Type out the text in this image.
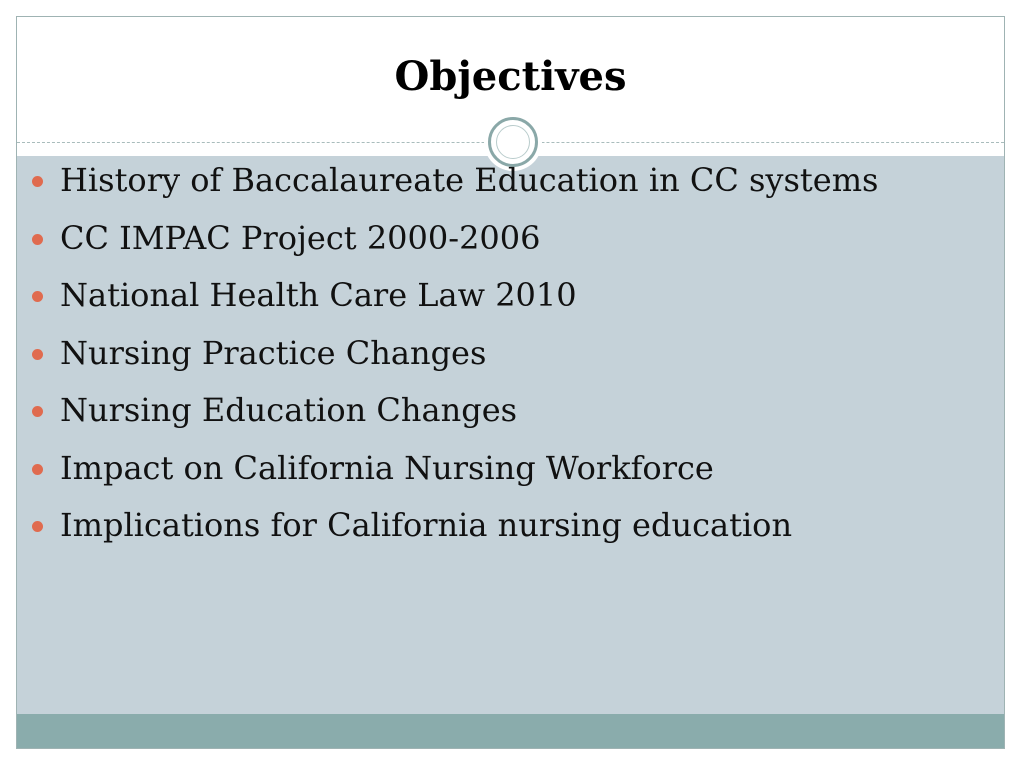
Objectives
History of Baccalaureate Education in CC systems
CC IMPAC Project 2000-2006
National Health Care Law 2010
Nursing Practice Changes
Nursing Education Changes
Impact on California Nursing Workforce
Implications for California nursing education
